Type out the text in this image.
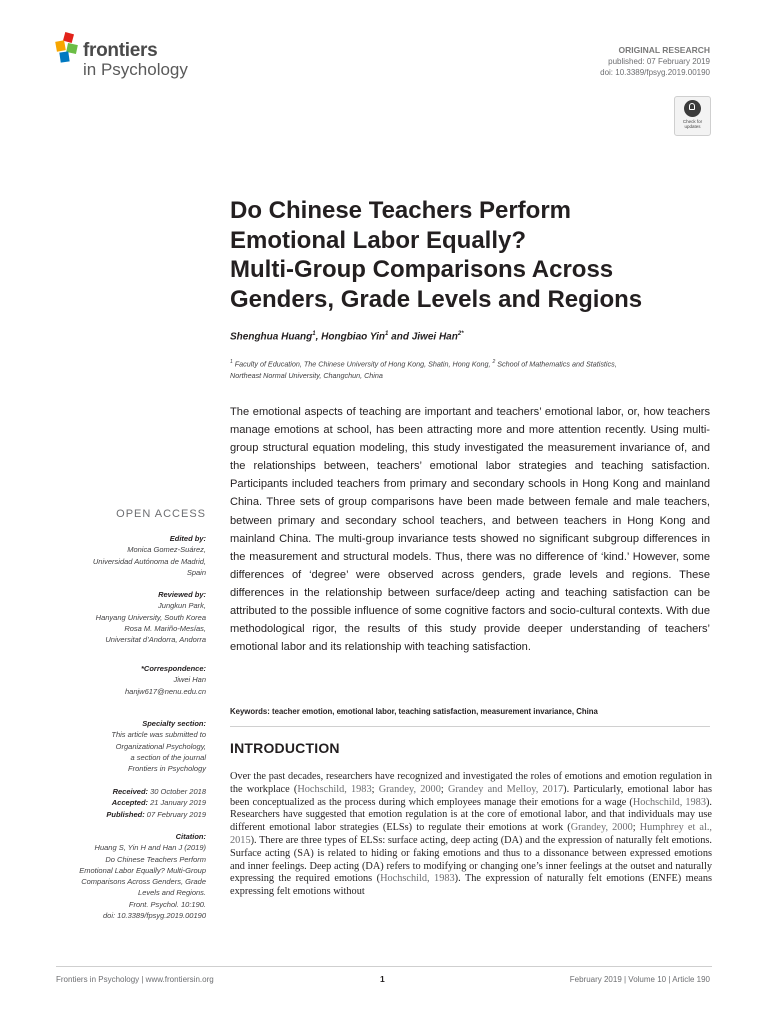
frontiers
in Psychology
ORIGINAL RESEARCH
published: 07 February 2019
doi: 10.3389/fpsyg.2019.00190
Check for
updates
Do Chinese Teachers Perform
Emotional Labor Equally?
Multi-Group Comparisons Across
Genders, Grade Levels and Regions
Shenghua Huang$^1$, Hongbiao Yin$^1$ and Jiwei Han$^{2*}$
$^1$ Faculty of Education, The Chinese University of Hong Kong, Shatin, Hong Kong, $^2$ School of Mathematics and Statistics,
Northeast Normal University, Changchun, China

The emotional aspects of teaching are important and teachers’ emotional labor, or, how teachers manage emotions at school, has been attracting more and more attention recently. Using multi-group structural equation modeling, this study investigated the measurement invariance of, and the relationships between, teachers’ emotional labor strategies and teaching satisfaction. Participants included teachers from primary and secondary schools in Hong Kong and mainland China. Three sets of group comparisons have been made between female and male teachers, between primary and secondary school teachers, and between teachers in Hong Kong and mainland China. The multi-group invariance tests showed no significant subgroup differences in the measurement and structural models. Thus, there was no difference of ‘kind.’ However, some differences of ‘degree’ were observed across genders, grade levels and regions. These differences in the relationship between surface/deep acting and teaching satisfaction can be attributed to the possible influence of some cognitive factors and socio-cultural contexts. With due methodological rigor, the results of this study provide deeper understanding of teachers’ emotional labor and its relationship with teaching satisfaction.

Keywords: teacher emotion, emotional labor, teaching satisfaction, measurement invariance, China
INTRODUCTION

Over the past decades, researchers have recognized and investigated the roles of emotions and emotion regulation in the workplace (Hochschild, 1983; Grandey, 2000; Grandey and Melloy, 2017). Particularly, emotional labor has been conceptualized as the process during which employees manage their emotions for a wage (Hochschild, 1983). Researchers have suggested that emotion regulation is at the core of emotional labor, and that individuals may use different emotional labor strategies (ELSs) to regulate their emotions at work (Grandey, 2000; Humphrey et al., 2015). There are three types of ELSs: surface acting, deep acting (DA) and the expression of naturally felt emotions. Surface acting (SA) is related to hiding or faking emotions and thus to a dissonance between expressed emotions and inner feelings. Deep acting (DA) refers to modifying or changing one’s inner feelings at the outset and naturally expressing the required emotions (Hochschild, 1983). The expression of naturally felt emotions (ENFE) means expressing felt emotions without

OPEN ACCESS
Edited by:
Monica Gomez-Suárez,
Universidad Autónoma de Madrid,
Spain
Reviewed by:
Jungkun Park,
Hanyang University, South Korea
Rosa M. Mariño-Mesías,
Universitat d’Andorra, Andorra
*Correspondence:
Jiwei Han
hanjw617@nenu.edu.cn
Specialty section:
This article was submitted to
Organizational Psychology,
a section of the journal
Frontiers in Psychology
Received: 30 October 2018
Accepted: 21 January 2019
Published: 07 February 2019
Citation:
Huang S, Yin H and Han J (2019)
Do Chinese Teachers Perform
Emotional Labor Equally? Multi-Group
Comparisons Across Genders, Grade
Levels and Regions.
Front. Psychol. 10:190.
doi: 10.3389/fpsyg.2019.00190
Frontiers in Psychology | www.frontiersin.org	1	February 2019 | Volume 10 | Article 190
